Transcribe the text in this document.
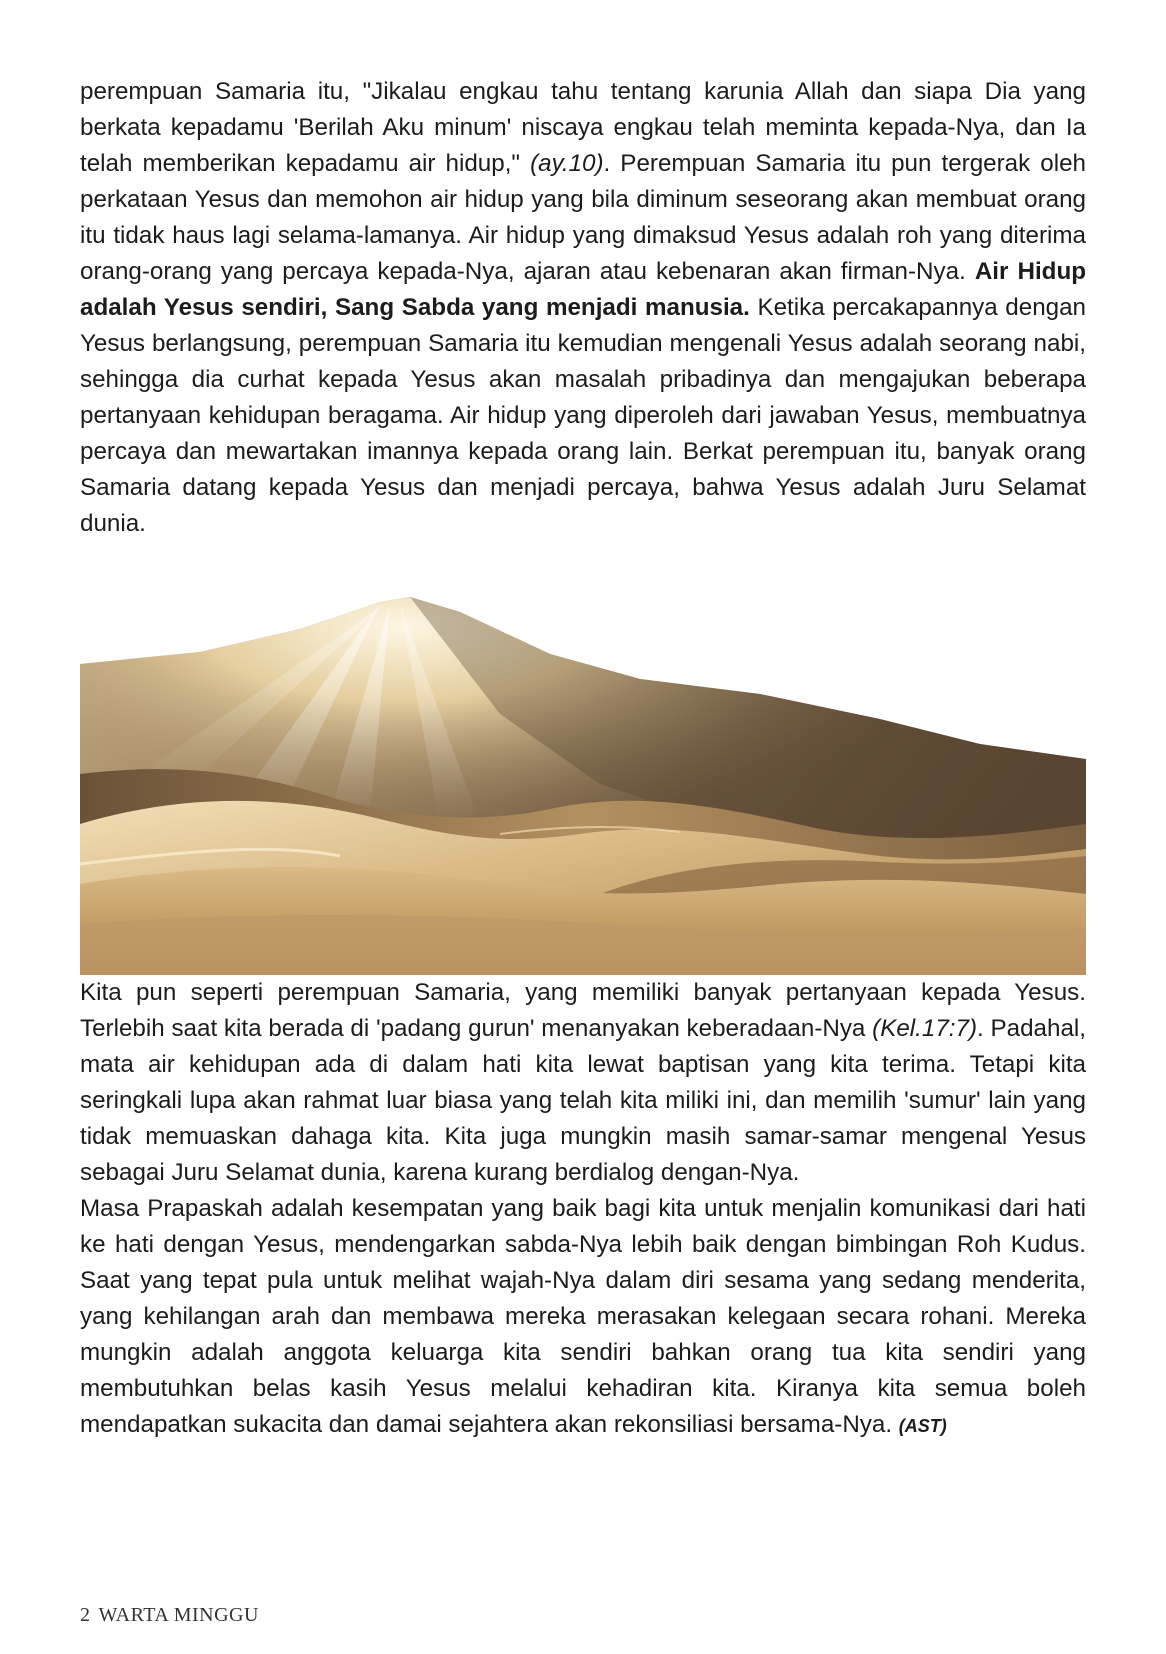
perempuan Samaria itu, "Jikalau engkau tahu tentang karunia Allah dan siapa Dia yang berkata kepadamu 'Berilah Aku minum' niscaya engkau telah meminta kepada-Nya, dan Ia telah memberikan kepadamu air hidup," (ay.10). Perempuan Samaria itu pun tergerak oleh perkataan Yesus dan memohon air hidup yang bila diminum seseorang akan membuat orang itu tidak haus lagi selama-lamanya. Air hidup yang dimaksud Yesus adalah roh yang diterima orang-orang yang percaya kepada-Nya, ajaran atau kebenaran akan firman-Nya. Air Hidup adalah Yesus sendiri, Sang Sabda yang menjadi manusia. Ketika percakapannya dengan Yesus berlangsung, perempuan Samaria itu kemudian mengenali Yesus adalah seorang nabi, sehingga dia curhat kepada Yesus akan masalah pribadinya dan mengajukan beberapa pertanyaan kehidupan beragama. Air hidup yang diperoleh dari jawaban Yesus, membuatnya percaya dan mewartakan imannya kepada orang lain. Berkat perempuan itu, banyak orang Samaria datang kepada Yesus dan menjadi percaya, bahwa Yesus adalah Juru Selamat dunia.

Kita pun seperti perempuan Samaria, yang memiliki banyak pertanyaan kepada Yesus. Terlebih saat kita berada di 'padang gurun' menanyakan keberadaan-Nya (Kel.17:7). Padahal, mata air kehidupan ada di dalam hati kita lewat baptisan yang kita terima. Tetapi kita seringkali lupa akan rahmat luar biasa yang telah kita miliki ini, dan memilih 'sumur' lain yang tidak memuaskan dahaga kita. Kita juga mungkin masih samar-samar mengenal Yesus sebagai Juru Selamat dunia, karena kurang berdialog dengan-Nya.

Masa Prapaskah adalah kesempatan yang baik bagi kita untuk menjalin komunikasi dari hati ke hati dengan Yesus, mendengarkan sabda-Nya lebih baik dengan bimbingan Roh Kudus. Saat yang tepat pula untuk melihat wajah-Nya dalam diri sesama yang sedang menderita, yang kehilangan arah dan membawa mereka merasakan kelegaan secara rohani. Mereka mungkin adalah anggota keluarga kita sendiri bahkan orang tua kita sendiri yang membutuhkan belas kasih Yesus melalui kehadiran kita. Kiranya kita semua boleh mendapatkan sukacita dan damai sejahtera akan rekonsiliasi bersama-Nya. (AST)

2 WARTA MINGGU
